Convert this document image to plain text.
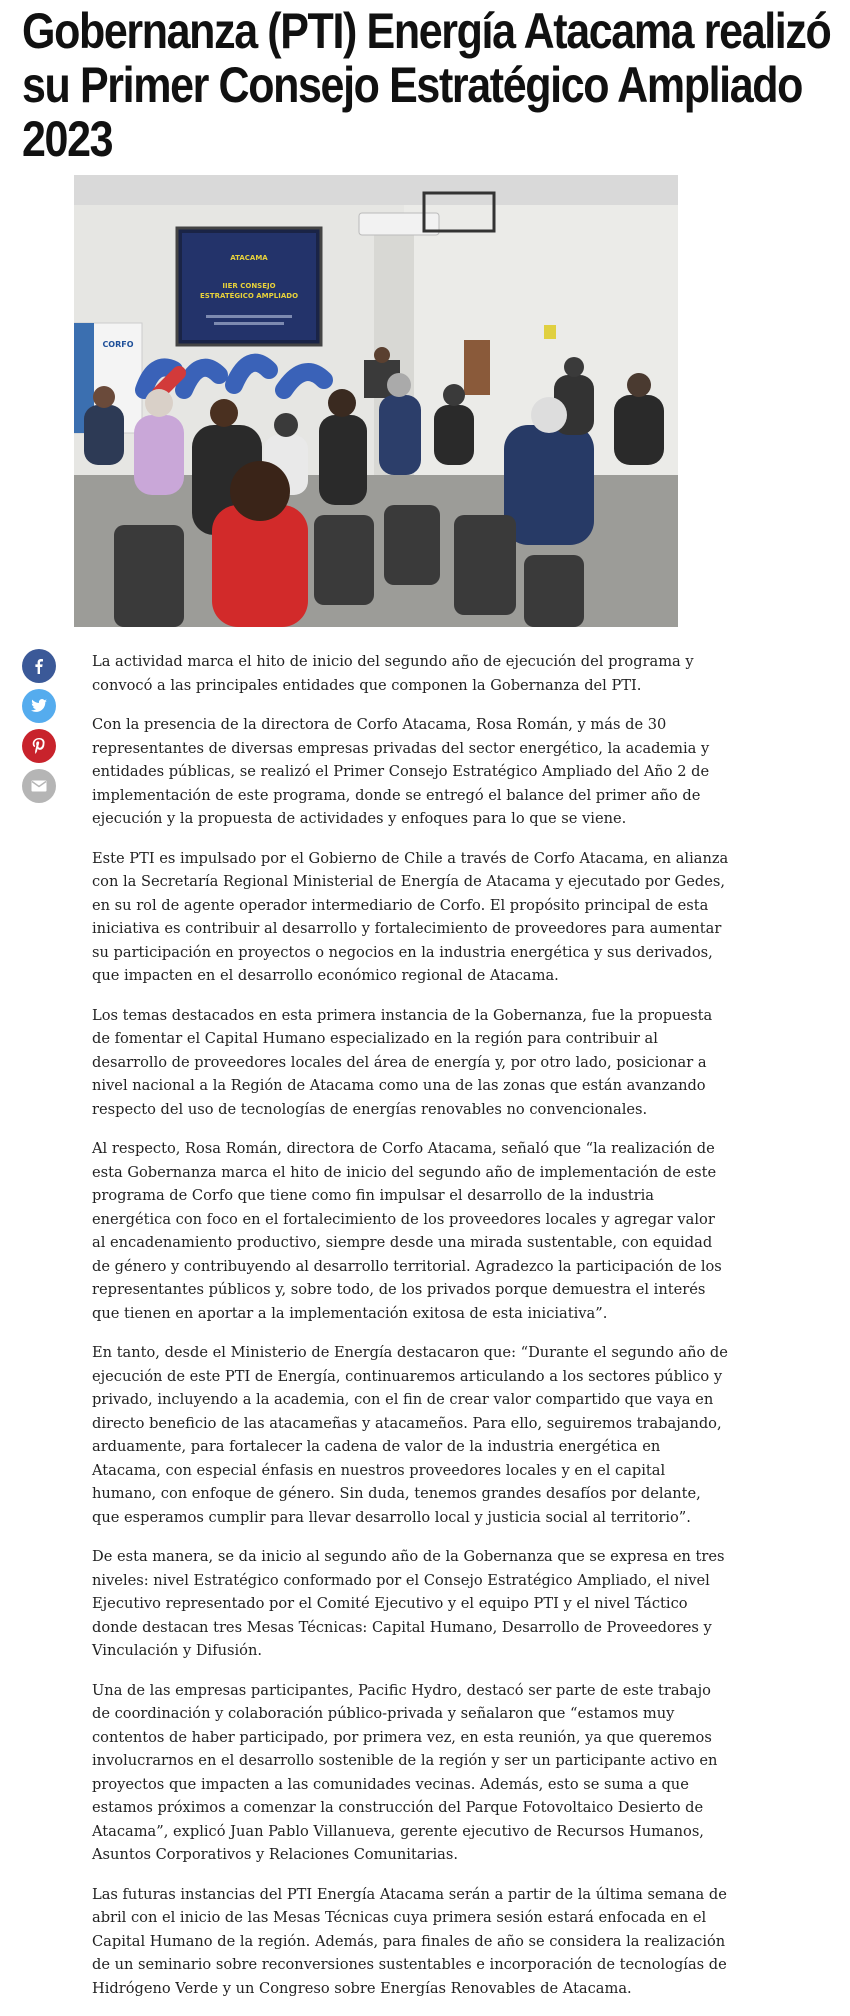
Gobernanza (PTI) Energía Atacama realizó su Primer Consejo Estratégico Ampliado 2023
ATACAMA
IIER CONSEJO
ESTRATÉGICO AMPLIADO
CORFO

La actividad marca el hito de inicio del segundo año de ejecución del programa y convocó a las principales entidades que componen la Gobernanza del PTI.

Con la presencia de la directora de Corfo Atacama, Rosa Román, y más de 30 representantes de diversas empresas privadas del sector energético, la academia y entidades públicas, se realizó el Primer Consejo Estratégico Ampliado del Año 2 de implementación de este programa, donde se entregó el balance del primer año de ejecución y la propuesta de actividades y enfoques para lo que se viene.

Este PTI es impulsado por el Gobierno de Chile a través de Corfo Atacama, en alianza con la Secretaría Regional Ministerial de Energía de Atacama y ejecutado por Gedes, en su rol de agente operador intermediario de Corfo. El propósito principal de esta iniciativa es contribuir al desarrollo y fortalecimiento de proveedores para aumentar su participación en proyectos o negocios en la industria energética y sus derivados, que impacten en el desarrollo económico regional de Atacama.

Los temas destacados en esta primera instancia de la Gobernanza, fue la propuesta de fomentar el Capital Humano especializado en la región para contribuir al desarrollo de proveedores locales del área de energía y, por otro lado, posicionar a nivel nacional a la Región de Atacama como una de las zonas que están avanzando respecto del uso de tecnologías de energías renovables no convencionales.

Al respecto, Rosa Román, directora de Corfo Atacama, señaló que “la realización de esta Gobernanza marca el hito de inicio del segundo año de implementación de este programa de Corfo que tiene como fin impulsar el desarrollo de la industria energética con foco en el fortalecimiento de los proveedores locales y agregar valor al encadenamiento productivo, siempre desde una mirada sustentable, con equidad de género y contribuyendo al desarrollo territorial. Agradezco la participación de los representantes públicos y, sobre todo, de los privados porque demuestra el interés que tienen en aportar a la implementación exitosa de esta iniciativa”.

En tanto, desde el Ministerio de Energía destacaron que: “Durante el segundo año de ejecución de este PTI de Energía, continuaremos articulando a los sectores público y privado, incluyendo a la academia, con el fin de crear valor compartido que vaya en directo beneficio de las atacameñas y atacameños. Para ello, seguiremos trabajando, arduamente, para fortalecer la cadena de valor de la industria energética en Atacama, con especial énfasis en nuestros proveedores locales y en el capital humano, con enfoque de género. Sin duda, tenemos grandes desafíos por delante, que esperamos cumplir para llevar desarrollo local y justicia social al territorio”.

De esta manera, se da inicio al segundo año de la Gobernanza que se expresa en tres niveles: nivel Estratégico conformado por el Consejo Estratégico Ampliado, el nivel Ejecutivo representado por el Comité Ejecutivo y el equipo PTI y el nivel Táctico donde destacan tres Mesas Técnicas: Capital Humano, Desarrollo de Proveedores y Vinculación y Difusión.

Una de las empresas participantes, Pacific Hydro, destacó ser parte de este trabajo de coordinación y colaboración público-privada y señalaron que “estamos muy contentos de haber participado, por primera vez, en esta reunión, ya que queremos involucrarnos en el desarrollo sostenible de la región y ser un participante activo en proyectos que impacten a las comunidades vecinas. Además, esto se suma a que estamos próximos a comenzar la construcción del Parque Fotovoltaico Desierto de Atacama”, explicó Juan Pablo Villanueva, gerente ejecutivo de Recursos Humanos, Asuntos Corporativos y Relaciones Comunitarias.

Las futuras instancias del PTI Energía Atacama serán a partir de la última semana de abril con el inicio de las Mesas Técnicas cuya primera sesión estará enfocada en el Capital Humano de la región. Además, para finales de año se considera la realización de un seminario sobre reconversiones sustentables e incorporación de tecnologías de Hidrógeno Verde y un Congreso sobre Energías Renovables de Atacama.
